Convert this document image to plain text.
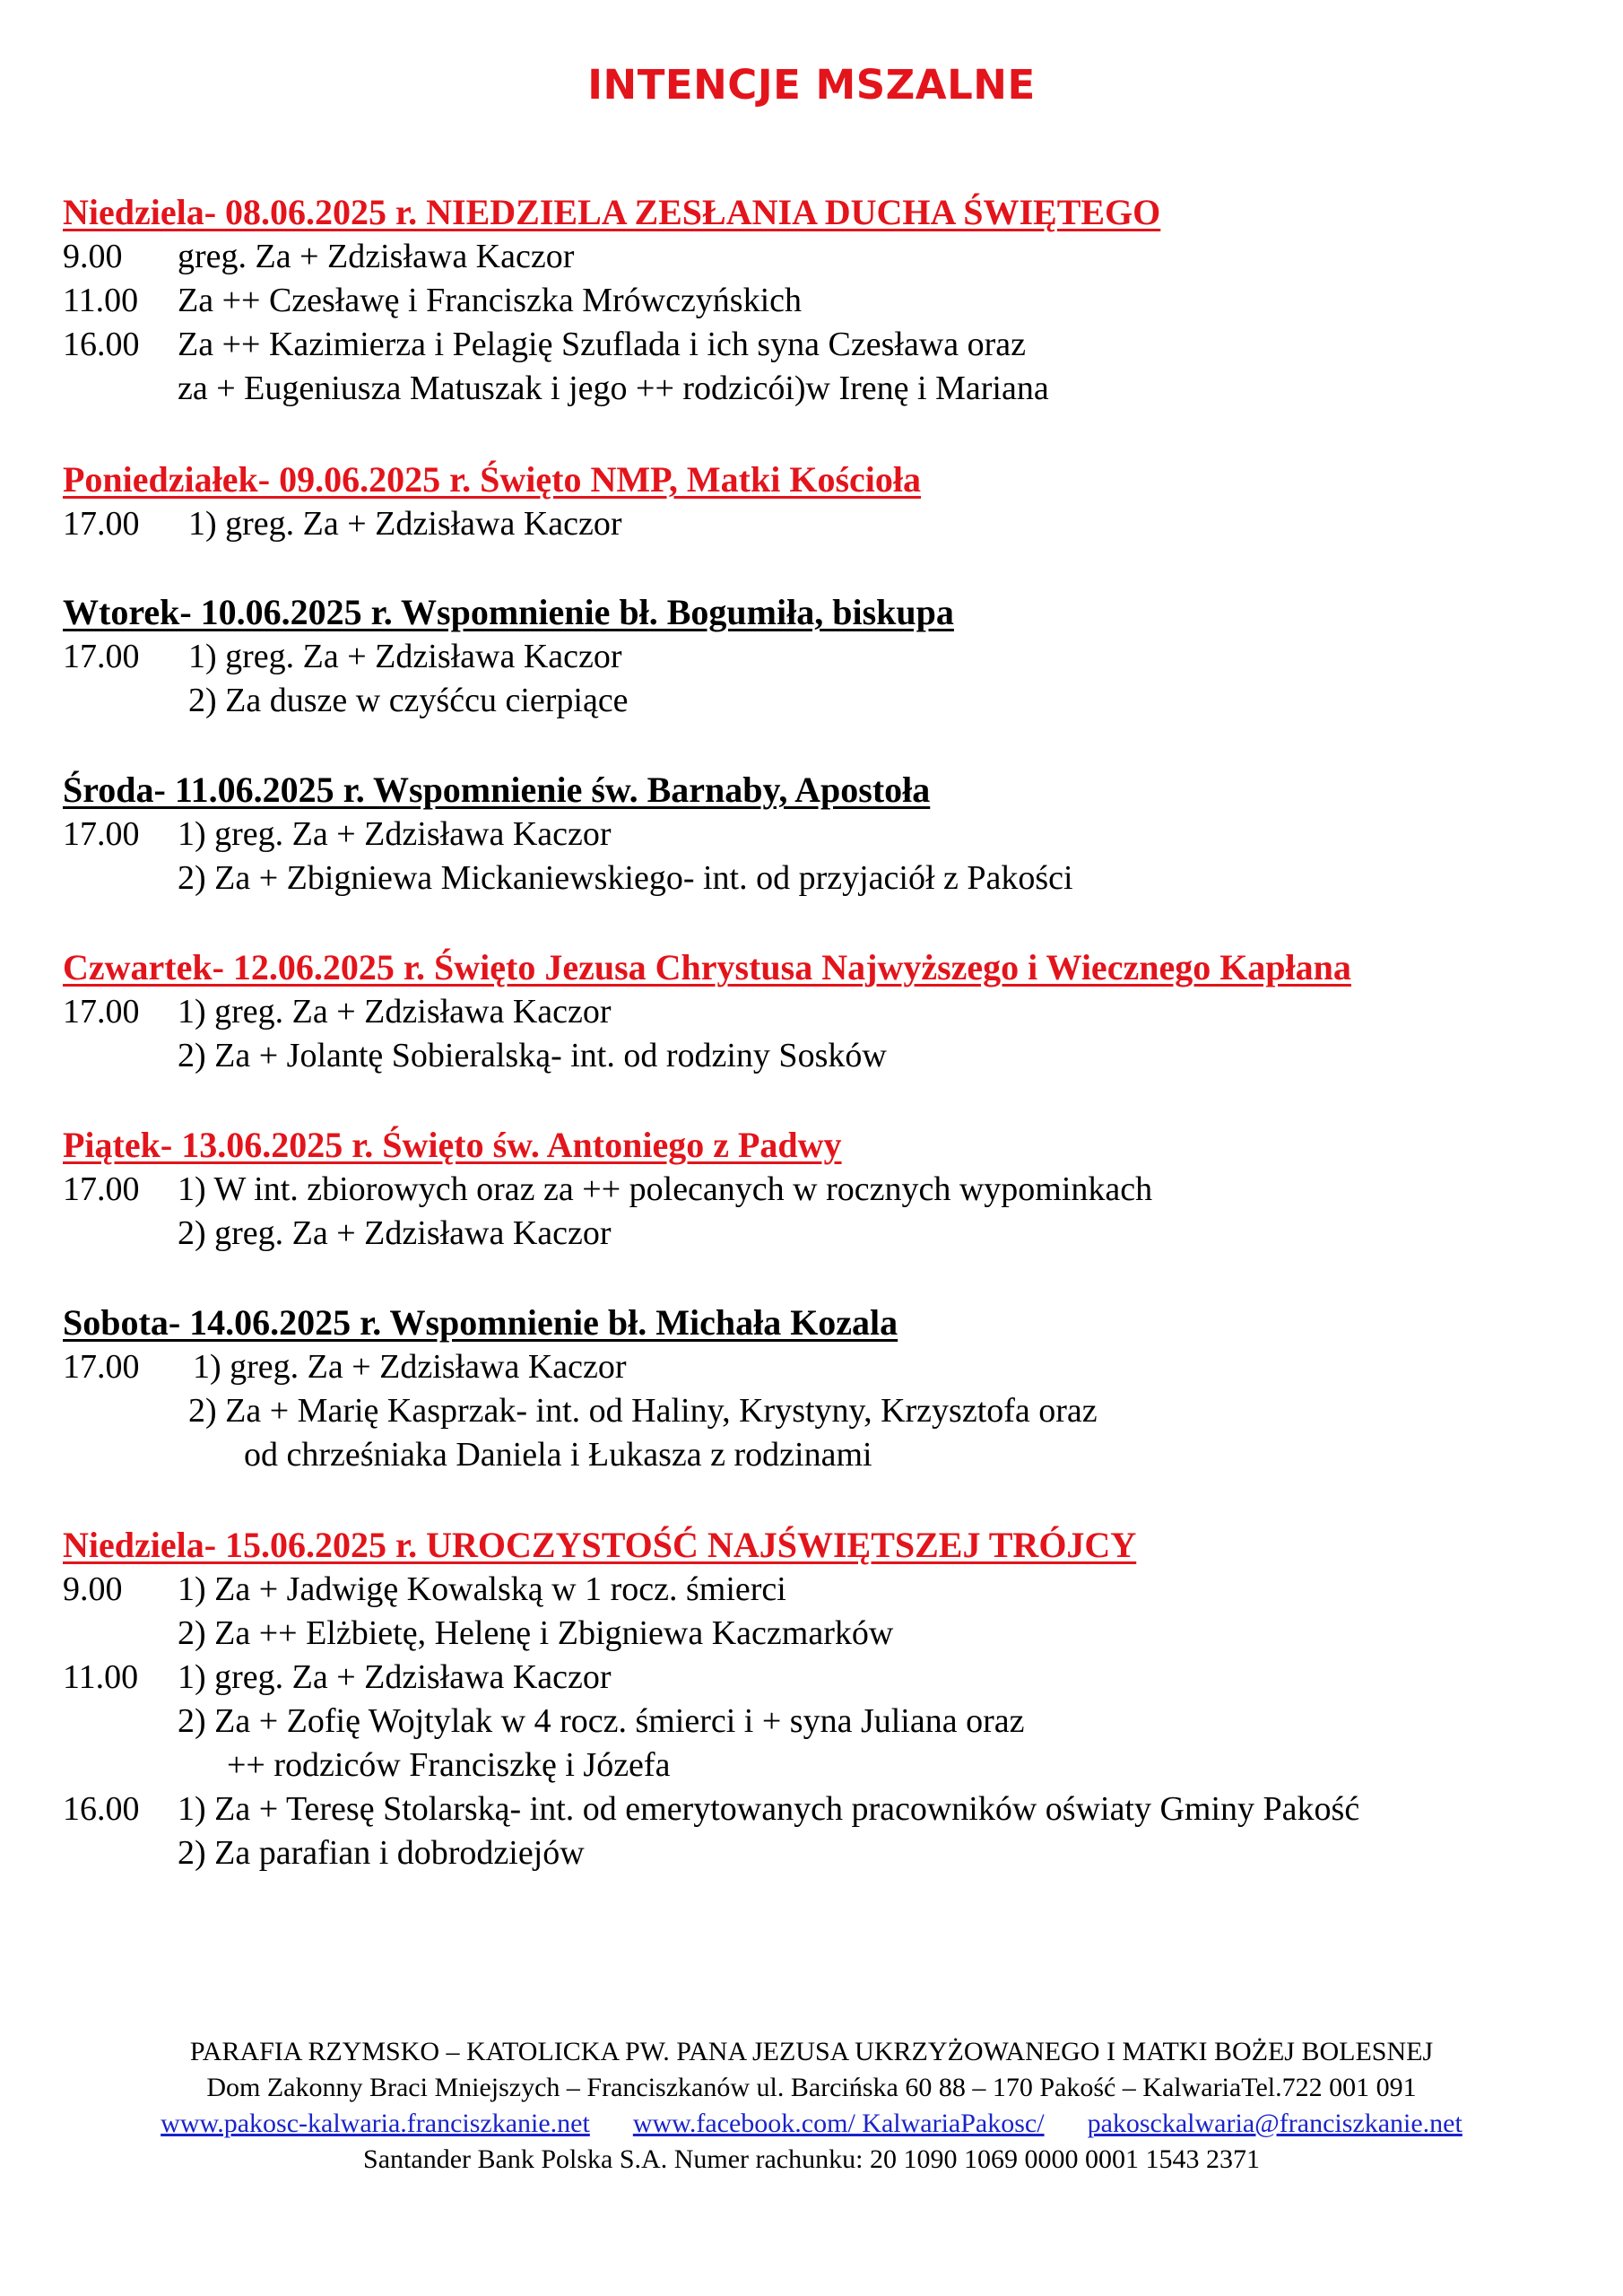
INTENCJE MSZALNE
Niedziela- 08.06.2025 r. NIEDZIELA ZESŁANIA DUCHA ŚWIĘTEGO
9.00 greg. Za + Zdzisława Kaczor
11.00 Za ++ Czesławę i Franciszka Mrówczyńskich
16.00 Za ++ Kazimierza i Pelagię Szuflada i ich syna Czesława oraz
za + Eugeniusza Matuszak i jego ++ rodzicói)w Irenę i Mariana
Poniedziałek- 09.06.2025 r. Święto NMP, Matki Kościoła
17.00 1) greg. Za + Zdzisława Kaczor
Wtorek- 10.06.2025 r. Wspomnienie bł. Bogumiła, biskupa
17.00 1) greg. Za + Zdzisława Kaczor
2) Za dusze w czyśćcu cierpiące
Środa- 11.06.2025 r. Wspomnienie św. Barnaby, Apostoła
17.00 1) greg. Za + Zdzisława Kaczor
2) Za + Zbigniewa Mickaniewskiego- int. od przyjaciół z Pakości
Czwartek- 12.06.2025 r. Święto Jezusa Chrystusa Najwyższego i Wiecznego Kapłana
17.00 1) greg. Za + Zdzisława Kaczor
2) Za + Jolantę Sobieralską- int. od rodziny Sosków
Piątek- 13.06.2025 r. Święto św. Antoniego z Padwy
17.00 1) W int. zbiorowych oraz za ++ polecanych w rocznych wypominkach
2) greg. Za + Zdzisława Kaczor
Sobota- 14.06.2025 r. Wspomnienie bł. Michała Kozala
17.00 1) greg. Za + Zdzisława Kaczor
2) Za + Marię Kasprzak- int. od Haliny, Krystyny, Krzysztofa oraz
od chrześniaka Daniela i Łukasza z rodzinami
Niedziela- 15.06.2025 r. UROCZYSTOŚĆ NAJŚWIĘTSZEJ TRÓJCY
9.00 1) Za + Jadwigę Kowalską w 1 rocz. śmierci
2) Za ++ Elżbietę, Helenę i Zbigniewa Kaczmarków
11.00 1) greg. Za + Zdzisława Kaczor
2) Za + Zofię Wojtylak w 4 rocz. śmierci i + syna Juliana oraz
++ rodziców Franciszkę i Józefa
16.00 1) Za + Teresę Stolarską- int. od emerytowanych pracowników oświaty Gminy Pakość
2) Za parafian i dobrodziejów
PARAFIA RZYMSKO – KATOLICKA PW. PANA JEZUSA UKRZYŻOWANEGO I MATKI BOŻEJ BOLESNEJ
Dom Zakonny Braci Mniejszych – Franciszkanów ul. Barcińska 60 88 – 170 Pakość – KalwariaTel.722 001 091
www.pakosc-kalwaria.franciszkanie.net www.facebook.com/ KalwariaPakosc/ pakosckalwaria@franciszkanie.net
Santander Bank Polska S.A. Numer rachunku: 20 1090 1069 0000 0001 1543 2371
